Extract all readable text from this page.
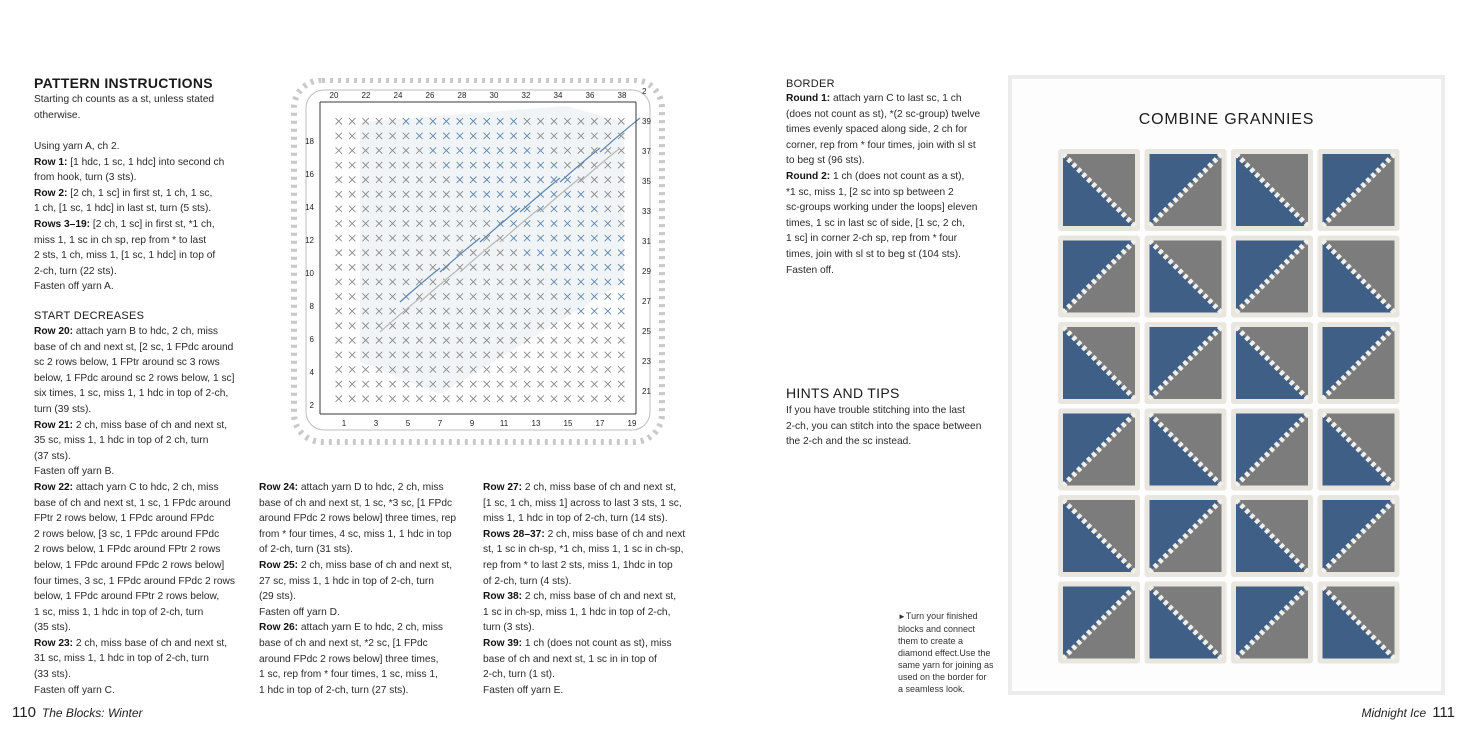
PATTERN INSTRUCTIONS

Starting ch counts as a st, unless stated

otherwise.

Using yarn A, ch 2.

Row 1: [1 hdc, 1 sc, 1 hdc] into second ch

from hook, turn (3 sts).

Row 2: [2 ch, 1 sc] in first st, 1 ch, 1 sc,

1 ch, [1 sc, 1 hdc] in last st, turn (5 sts).

Rows 3–19: [2 ch, 1 sc] in first st, *1 ch,

miss 1, 1 sc in ch sp, rep from * to last

2 sts, 1 ch, miss 1, [1 sc, 1 hdc] in top of

2-ch, turn (22 sts).

Fasten off yarn A.

START DECREASES

Row 20: attach yarn B to hdc, 2 ch, miss

base of ch and next st, [2 sc, 1 FPdc around

sc 2 rows below, 1 FPtr around sc 3 rows

below, 1 FPdc around sc 2 rows below, 1 sc]

six times, 1 sc, miss 1, 1 hdc in top of 2-ch,

turn (39 sts).

Row 21: 2 ch, miss base of ch and next st,

35 sc, miss 1, 1 hdc in top of 2 ch, turn

(37 sts).

Fasten off yarn B.

Row 22: attach yarn C to hdc, 2 ch, miss

base of ch and next st, 1 sc, 1 FPdc around

FPtr 2 rows below, 1 FPdc around FPdc

2 rows below, [3 sc, 1 FPdc around FPdc

2 rows below, 1 FPdc around FPtr 2 rows

below, 1 FPdc around FPdc 2 rows below]

four times, 3 sc, 1 FPdc around FPdc 2 rows

below, 1 FPdc around FPtr 2 rows below,

1 sc, miss 1, 1 hdc in top of 2-ch, turn

(35 sts).

Row 23: 2 ch, miss base of ch and next st,

31 sc, miss 1, 1 hdc in top of 2-ch, turn

(33 sts).

Fasten off yarn C.

Row 24: attach yarn D to hdc, 2 ch, miss

base of ch and next st, 1 sc, *3 sc, [1 FPdc

around FPdc 2 rows below] three times, rep

from * four times, 4 sc, miss 1, 1 hdc in top

of 2-ch, turn (31 sts).

Row 25: 2 ch, miss base of ch and next st,

27 sc, miss 1, 1 hdc in top of 2-ch, turn

(29 sts).

Fasten off yarn D.

Row 26: attach yarn E to hdc, 2 ch, miss

base of ch and next st, *2 sc, [1 FPdc

around FPdc 2 rows below] three times,

1 sc, rep from * four times, 1 sc, miss 1,

1 hdc in top of 2-ch, turn (27 sts).

Row 27: 2 ch, miss base of ch and next st,

[1 sc, 1 ch, miss 1] across to last 3 sts, 1 sc,

miss 1, 1 hdc in top of 2-ch, turn (14 sts).

Rows 28–37: 2 ch, miss base of ch and next

st, 1 sc in ch-sp, *1 ch, miss 1, 1 sc in ch-sp,

rep from * to last 2 sts, miss 1, 1hdc in top

of 2-ch, turn (4 sts).

Row 38: 2 ch, miss base of ch and next st,

1 sc in ch-sp, miss 1, 1 hdc in top of 2-ch,

turn (3 sts).

Row 39: 1 ch (does not count as st), miss

base of ch and next st, 1 sc in in top of

2-ch, turn (1 st).

Fasten off yarn E.

20	22	24	26	28	30	32	34	36	38
1	3	5	7	9	11	13	15	17	19
18
16
14
12
10
8
6
4
2
2
39
37
35
33
31
29
27
25
23
21
110 The Blocks: Winter
BORDER

Round 1: attach yarn C to last sc, 1 ch

(does not count as st), *(2 sc-group) twelve

times evenly spaced along side, 2 ch for

corner, rep from * four times, join with sl st

to beg st (96 sts).

Round 2: 1 ch (does not count as a st),

*1 sc, miss 1, [2 sc into sp between 2

sc-groups working under the loops] eleven

times, 1 sc in last sc of side, [1 sc, 2 ch,

1 sc] in corner 2-ch sp, rep from * four

times, join with sl st to beg st (104 sts).

Fasten off.

HINTS AND TIPS

If you have trouble stitching into the last

2-ch, you can stitch into the space between

the 2-ch and the sc instead.

►Turn your finished
blocks and connect
them to create a
diamond effect.Use the
same yarn for joining as
used on the border for
a seamless look.
Midnight Ice 111
COMBINE GRANNIES
